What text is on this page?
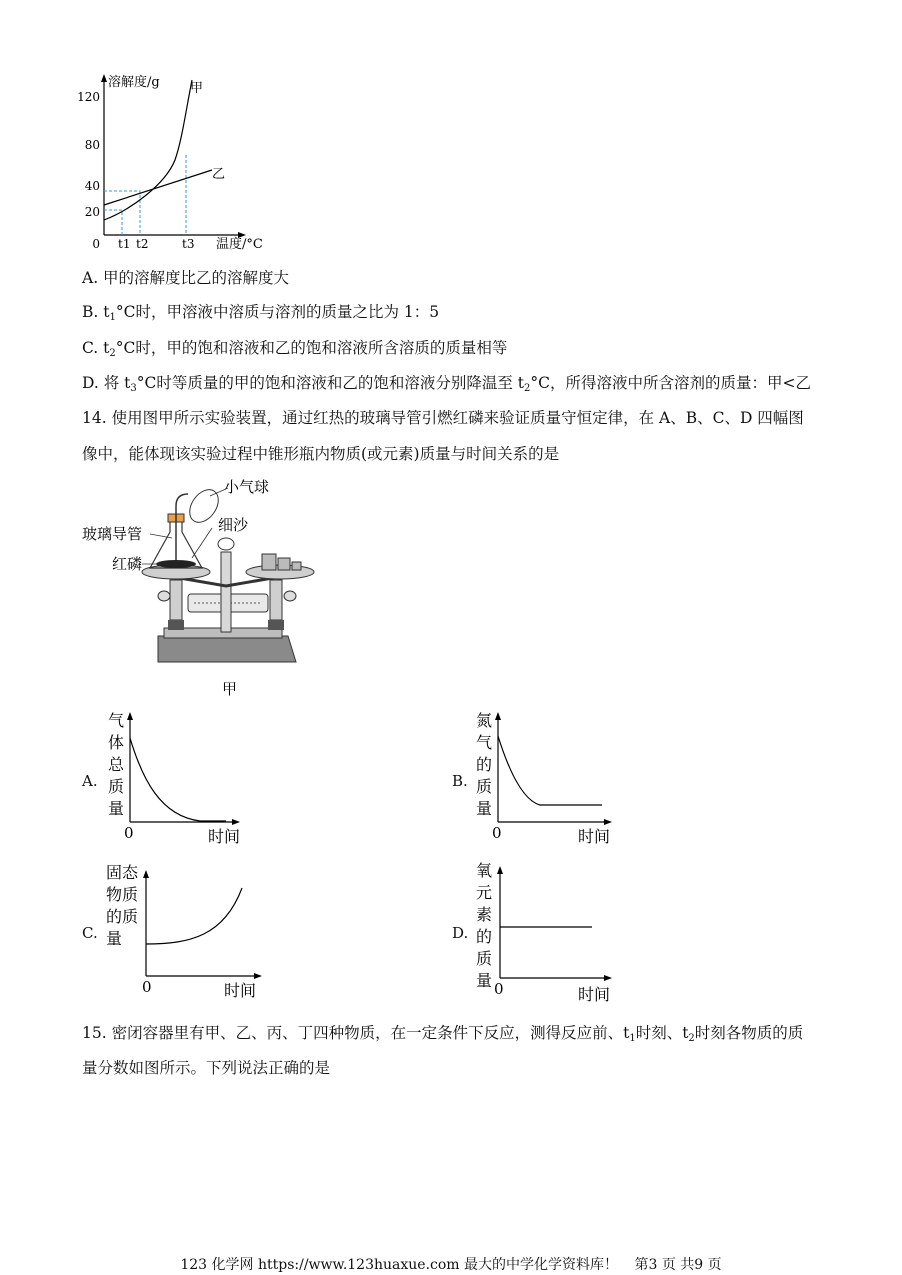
溶解度/g
120
80
40
20
0
甲
乙
t1 t2	t3 温度/°C
A. 甲的溶解度比乙的溶解度大
B. $t_1^\circ C$时，甲溶液中溶质与溶剂的质量之比为 1：5
C. $t_2^\circ C$时，甲的饱和溶液和乙的饱和溶液所含溶质的质量相等
D. 将 $t_3^\circ C$时等质量的甲的饱和溶液和乙的饱和溶液分别降温至 $t_2^\circ C$，所得溶液中所含溶剂的质量：甲<乙
14. 使用图甲所示实验装置，通过红热的玻璃导管引燃红磷来验证质量守恒定律，在 A、B、C、D 四幅图
像中，能体现该实验过程中锥形瓶内物质(或元素)质量与时间关系的是
小气球
细沙
玻璃导管
红磷
甲
A.
气
体
总
质
量
0	时间
B.
氮
气
的
质
量
0	时间
C.
固态
物质
的质
量
0	时间
D.
氧
元
素
的
质
量 0	时间
15. 密闭容器里有甲、乙、丙、丁四种物质，在一定条件下反应，测得反应前、$t_1$时刻、$t_2$时刻各物质的质
量分数如图所示。下列说法正确的是
123 化学网 https://www.123huaxue.com 最大的中学化学资料库！ 第3 页 共9 页
